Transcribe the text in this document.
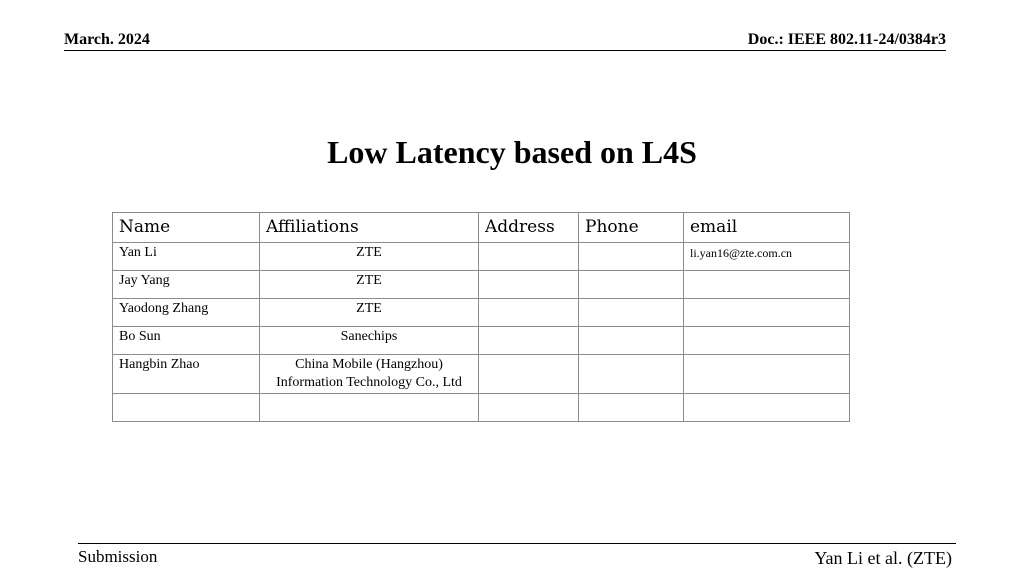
March. 2024	Doc.: IEEE 802.11-24/0384r3
Low Latency based on L4S
Name	Affiliations	Address	Phone	email
Yan Li	ZTE			li.yan16@zte.com.cn
Jay Yang	ZTE			
Yaodong Zhang	ZTE			
Bo Sun	Sanechips			
Hangbin Zhao	China Mobile (Hangzhou)
Information Technology Co., Ltd			

Submission	Yan Li et al. (ZTE)
